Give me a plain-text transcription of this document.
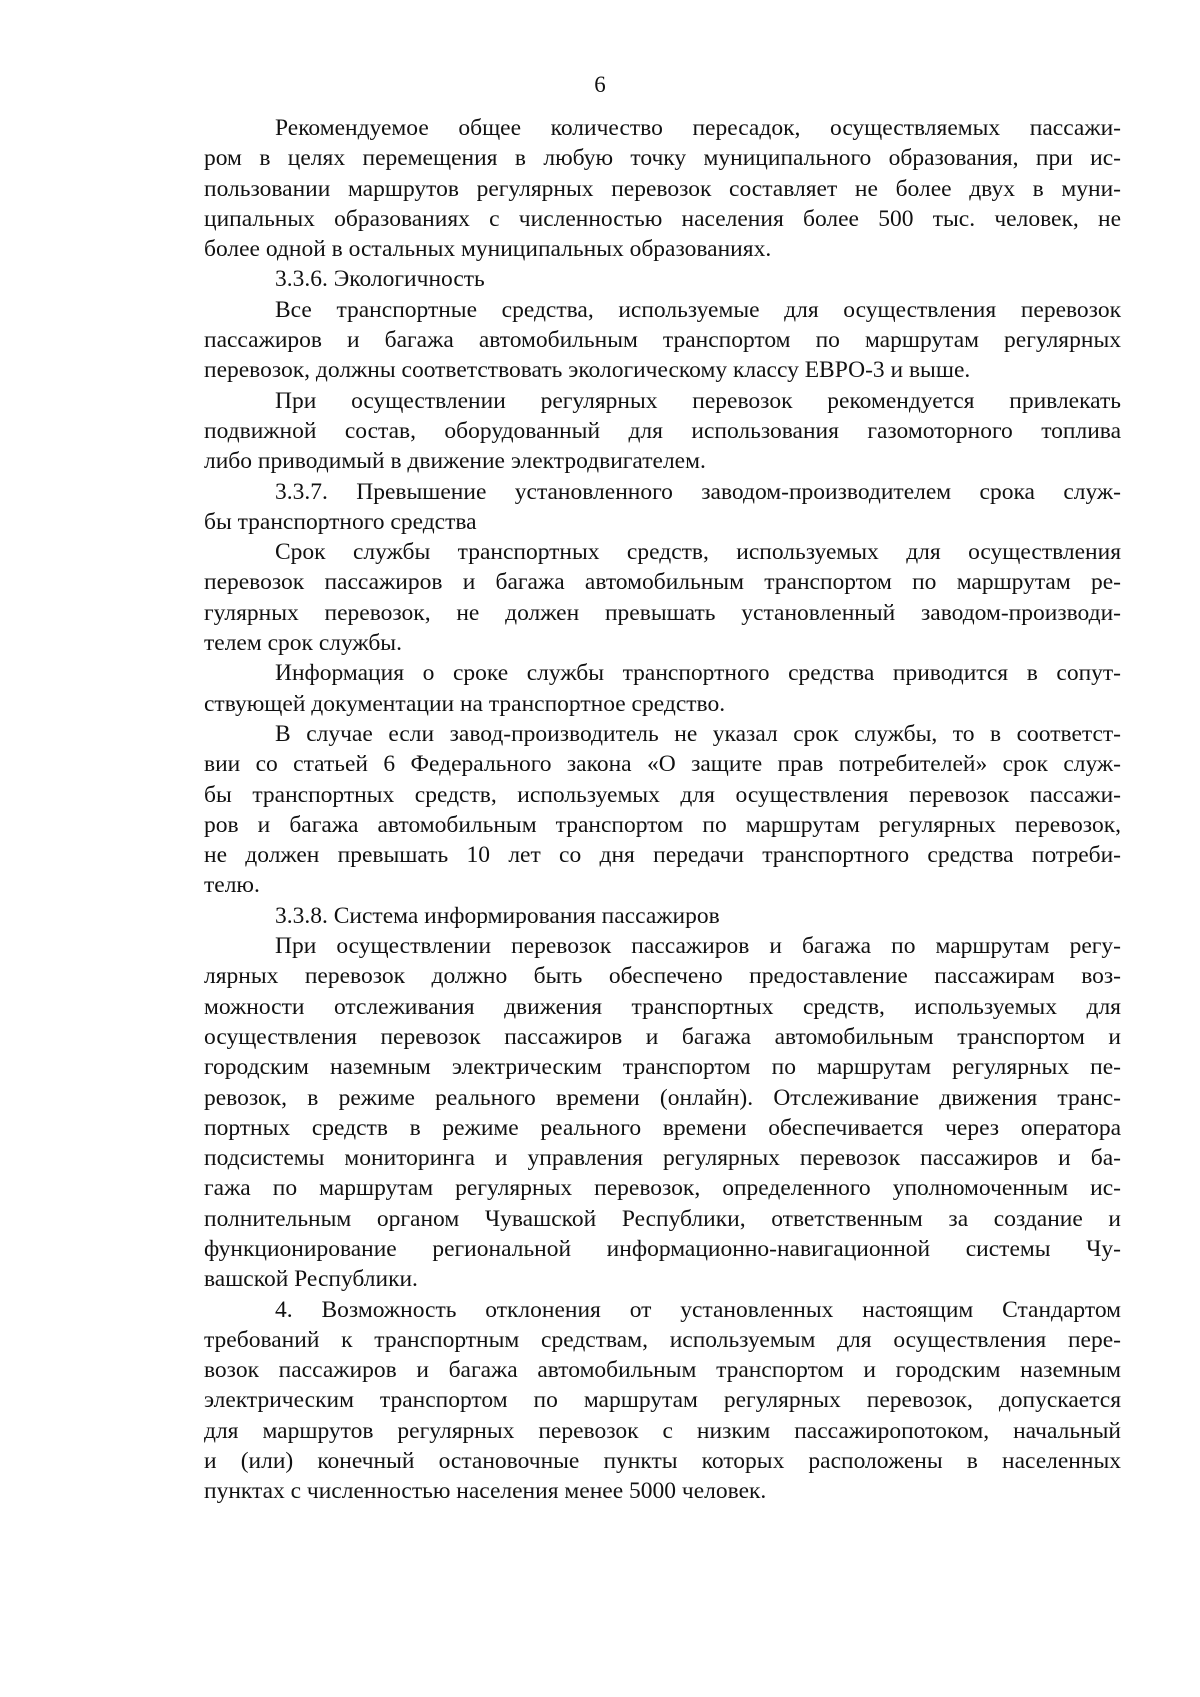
6
Рекомендуемое общее количество пересадок, осуществляемых пассажи-
ром в целях перемещения в любую точку муниципального образования, при ис-
пользовании маршрутов регулярных перевозок составляет не более двух в муни-
ципальных образованиях с численностью населения более 500 тыс. человек, не
более одной в остальных муниципальных образованиях.
3.3.6. Экологичность
Все транспортные средства, используемые для осуществления перевозок
пассажиров и багажа автомобильным транспортом по маршрутам регулярных
перевозок, должны соответствовать экологическому классу ЕВРО-3 и выше.
При осуществлении регулярных перевозок рекомендуется привлекать
подвижной состав, оборудованный для использования газомоторного топлива
либо приводимый в движение электродвигателем.
3.3.7. Превышение установленного заводом-производителем срока служ-
бы транспортного средства
Срок службы транспортных средств, используемых для осуществления
перевозок пассажиров и багажа автомобильным транспортом по маршрутам ре-
гулярных перевозок, не должен превышать установленный заводом-производи-
телем срок службы.
Информация о сроке службы транспортного средства приводится в сопут-
ствующей документации на транспортное средство.
В случае если завод-производитель не указал срок службы, то в соответст-
вии со статьей 6 Федерального закона «О защите прав потребителей» срок служ-
бы транспортных средств, используемых для осуществления перевозок пассажи-
ров и багажа автомобильным транспортом по маршрутам регулярных перевозок,
не должен превышать 10 лет со дня передачи транспортного средства потреби-
телю.
3.3.8. Система информирования пассажиров
При осуществлении перевозок пассажиров и багажа по маршрутам регу-
лярных перевозок должно быть обеспечено предоставление пассажирам воз-
можности отслеживания движения транспортных средств, используемых для
осуществления перевозок пассажиров и багажа автомобильным транспортом и
городским наземным электрическим транспортом по маршрутам регулярных пе-
ревозок, в режиме реального времени (онлайн). Отслеживание движения транс-
портных средств в режиме реального времени обеспечивается через оператора
подсистемы мониторинга и управления регулярных перевозок пассажиров и ба-
гажа по маршрутам регулярных перевозок, определенного уполномоченным ис-
полнительным органом Чувашской Республики, ответственным за создание и
функционирование региональной информационно-навигационной системы Чу-
вашской Республики.
4. Возможность отклонения от установленных настоящим Стандартом
требований к транспортным средствам, используемым для осуществления пере-
возок пассажиров и багажа автомобильным транспортом и городским наземным
электрическим транспортом по маршрутам регулярных перевозок, допускается
для маршрутов регулярных перевозок с низким пассажиропотоком, начальный
и (или) конечный остановочные пункты которых расположены в населенных
пунктах с численностью населения менее 5000 человек.
